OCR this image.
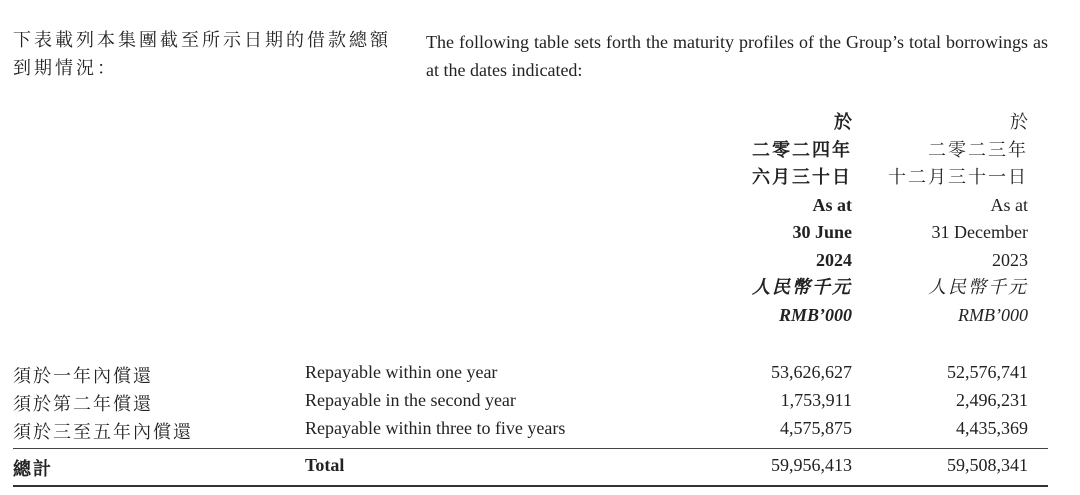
下表載列本集團截至所示日期的借款總額到期情況：
The following table sets forth the maturity profiles of the Group’s total borrowings as at the dates indicated:
於
二零二四年
六月三十日
As at
30 June
2024
人民幣千元
RMB’000
於
二零二三年
十二月三十一日
As at
31 December
2023
人民幣千元
RMB’000
須於一年內償還	Repayable within one year	53,626,627	52,576,741
須於第二年償還	Repayable in the second year	1,753,911	2,496,231
須於三至五年內償還	Repayable within three to five years	4,575,875	4,435,369
總計	Total	59,956,413	59,508,341
